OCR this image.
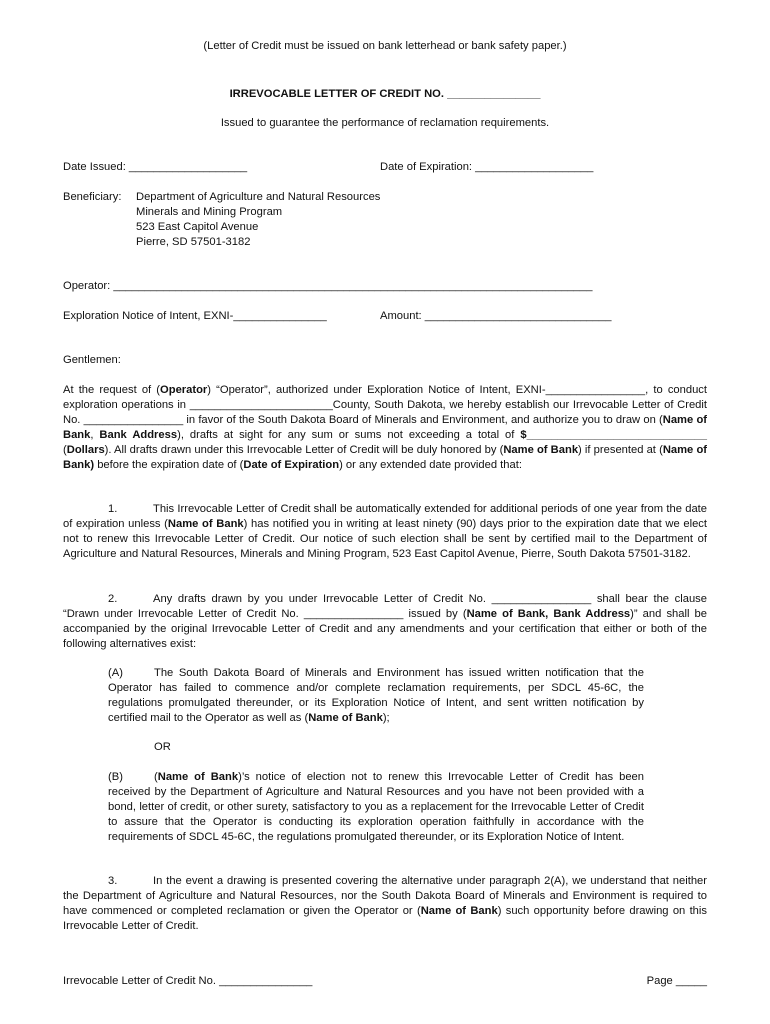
(Letter of Credit must be issued on bank letterhead or bank safety paper.)
IRREVOCABLE LETTER OF CREDIT NO. _______________
Issued to guarantee the performance of reclamation requirements.
Date Issued: ___________________	Date of Expiration: ___________________
Beneficiary: Department of Agriculture and Natural Resources
Minerals and Mining Program
523 East Capitol Avenue
Pierre, SD 57501-3182
Operator: _____________________________________________________________________________
Exploration Notice of Intent, EXNI-_______________	Amount: ______________________________
Gentlemen:
At the request of (Operator) “Operator”, authorized under Exploration Notice of Intent, EXNI-________________, to conduct exploration operations in _______________________County, South Dakota, we hereby establish our Irrevocable Letter of Credit No. ________________ in favor of the South Dakota Board of Minerals and Environment, and authorize you to draw on (Name of Bank, Bank Address), drafts at sight for any sum or sums not exceeding a total of $_____________________________ (Dollars). All drafts drawn under this Irrevocable Letter of Credit will be duly honored by (Name of Bank) if presented at (Name of Bank) before the expiration date of (Date of Expiration) or any extended date provided that:
1.	This Irrevocable Letter of Credit shall be automatically extended for additional periods of one year from the date of expiration unless (Name of Bank) has notified you in writing at least ninety (90) days prior to the expiration date that we elect not to renew this Irrevocable Letter of Credit. Our notice of such election shall be sent by certified mail to the Department of Agriculture and Natural Resources, Minerals and Mining Program, 523 East Capitol Avenue, Pierre, South Dakota 57501-3182.
2.	Any drafts drawn by you under Irrevocable Letter of Credit No. ________________ shall bear the clause “Drawn under Irrevocable Letter of Credit No. ________________ issued by (Name of Bank, Bank Address)” and shall be accompanied by the original Irrevocable Letter of Credit and any amendments and your certification that either or both of the following alternatives exist:
(A)	The South Dakota Board of Minerals and Environment has issued written notification that the Operator has failed to commence and/or complete reclamation requirements, per SDCL 45-6C, the regulations promulgated thereunder, or its Exploration Notice of Intent, and sent written notification by certified mail to the Operator as well as (Name of Bank);
OR
(B)	(Name of Bank)’s notice of election not to renew this Irrevocable Letter of Credit has been received by the Department of Agriculture and Natural Resources and you have not been provided with a bond, letter of credit, or other surety, satisfactory to you as a replacement for the Irrevocable Letter of Credit to assure that the Operator is conducting its exploration operation faithfully in accordance with the requirements of SDCL 45-6C, the regulations promulgated thereunder, or its Exploration Notice of Intent.
3.	In the event a drawing is presented covering the alternative under paragraph 2(A), we understand that neither the Department of Agriculture and Natural Resources, nor the South Dakota Board of Minerals and Environment is required to have commenced or completed reclamation or given the Operator or (Name of Bank) such opportunity before drawing on this Irrevocable Letter of Credit.
Irrevocable Letter of Credit No. _______________	Page _____
